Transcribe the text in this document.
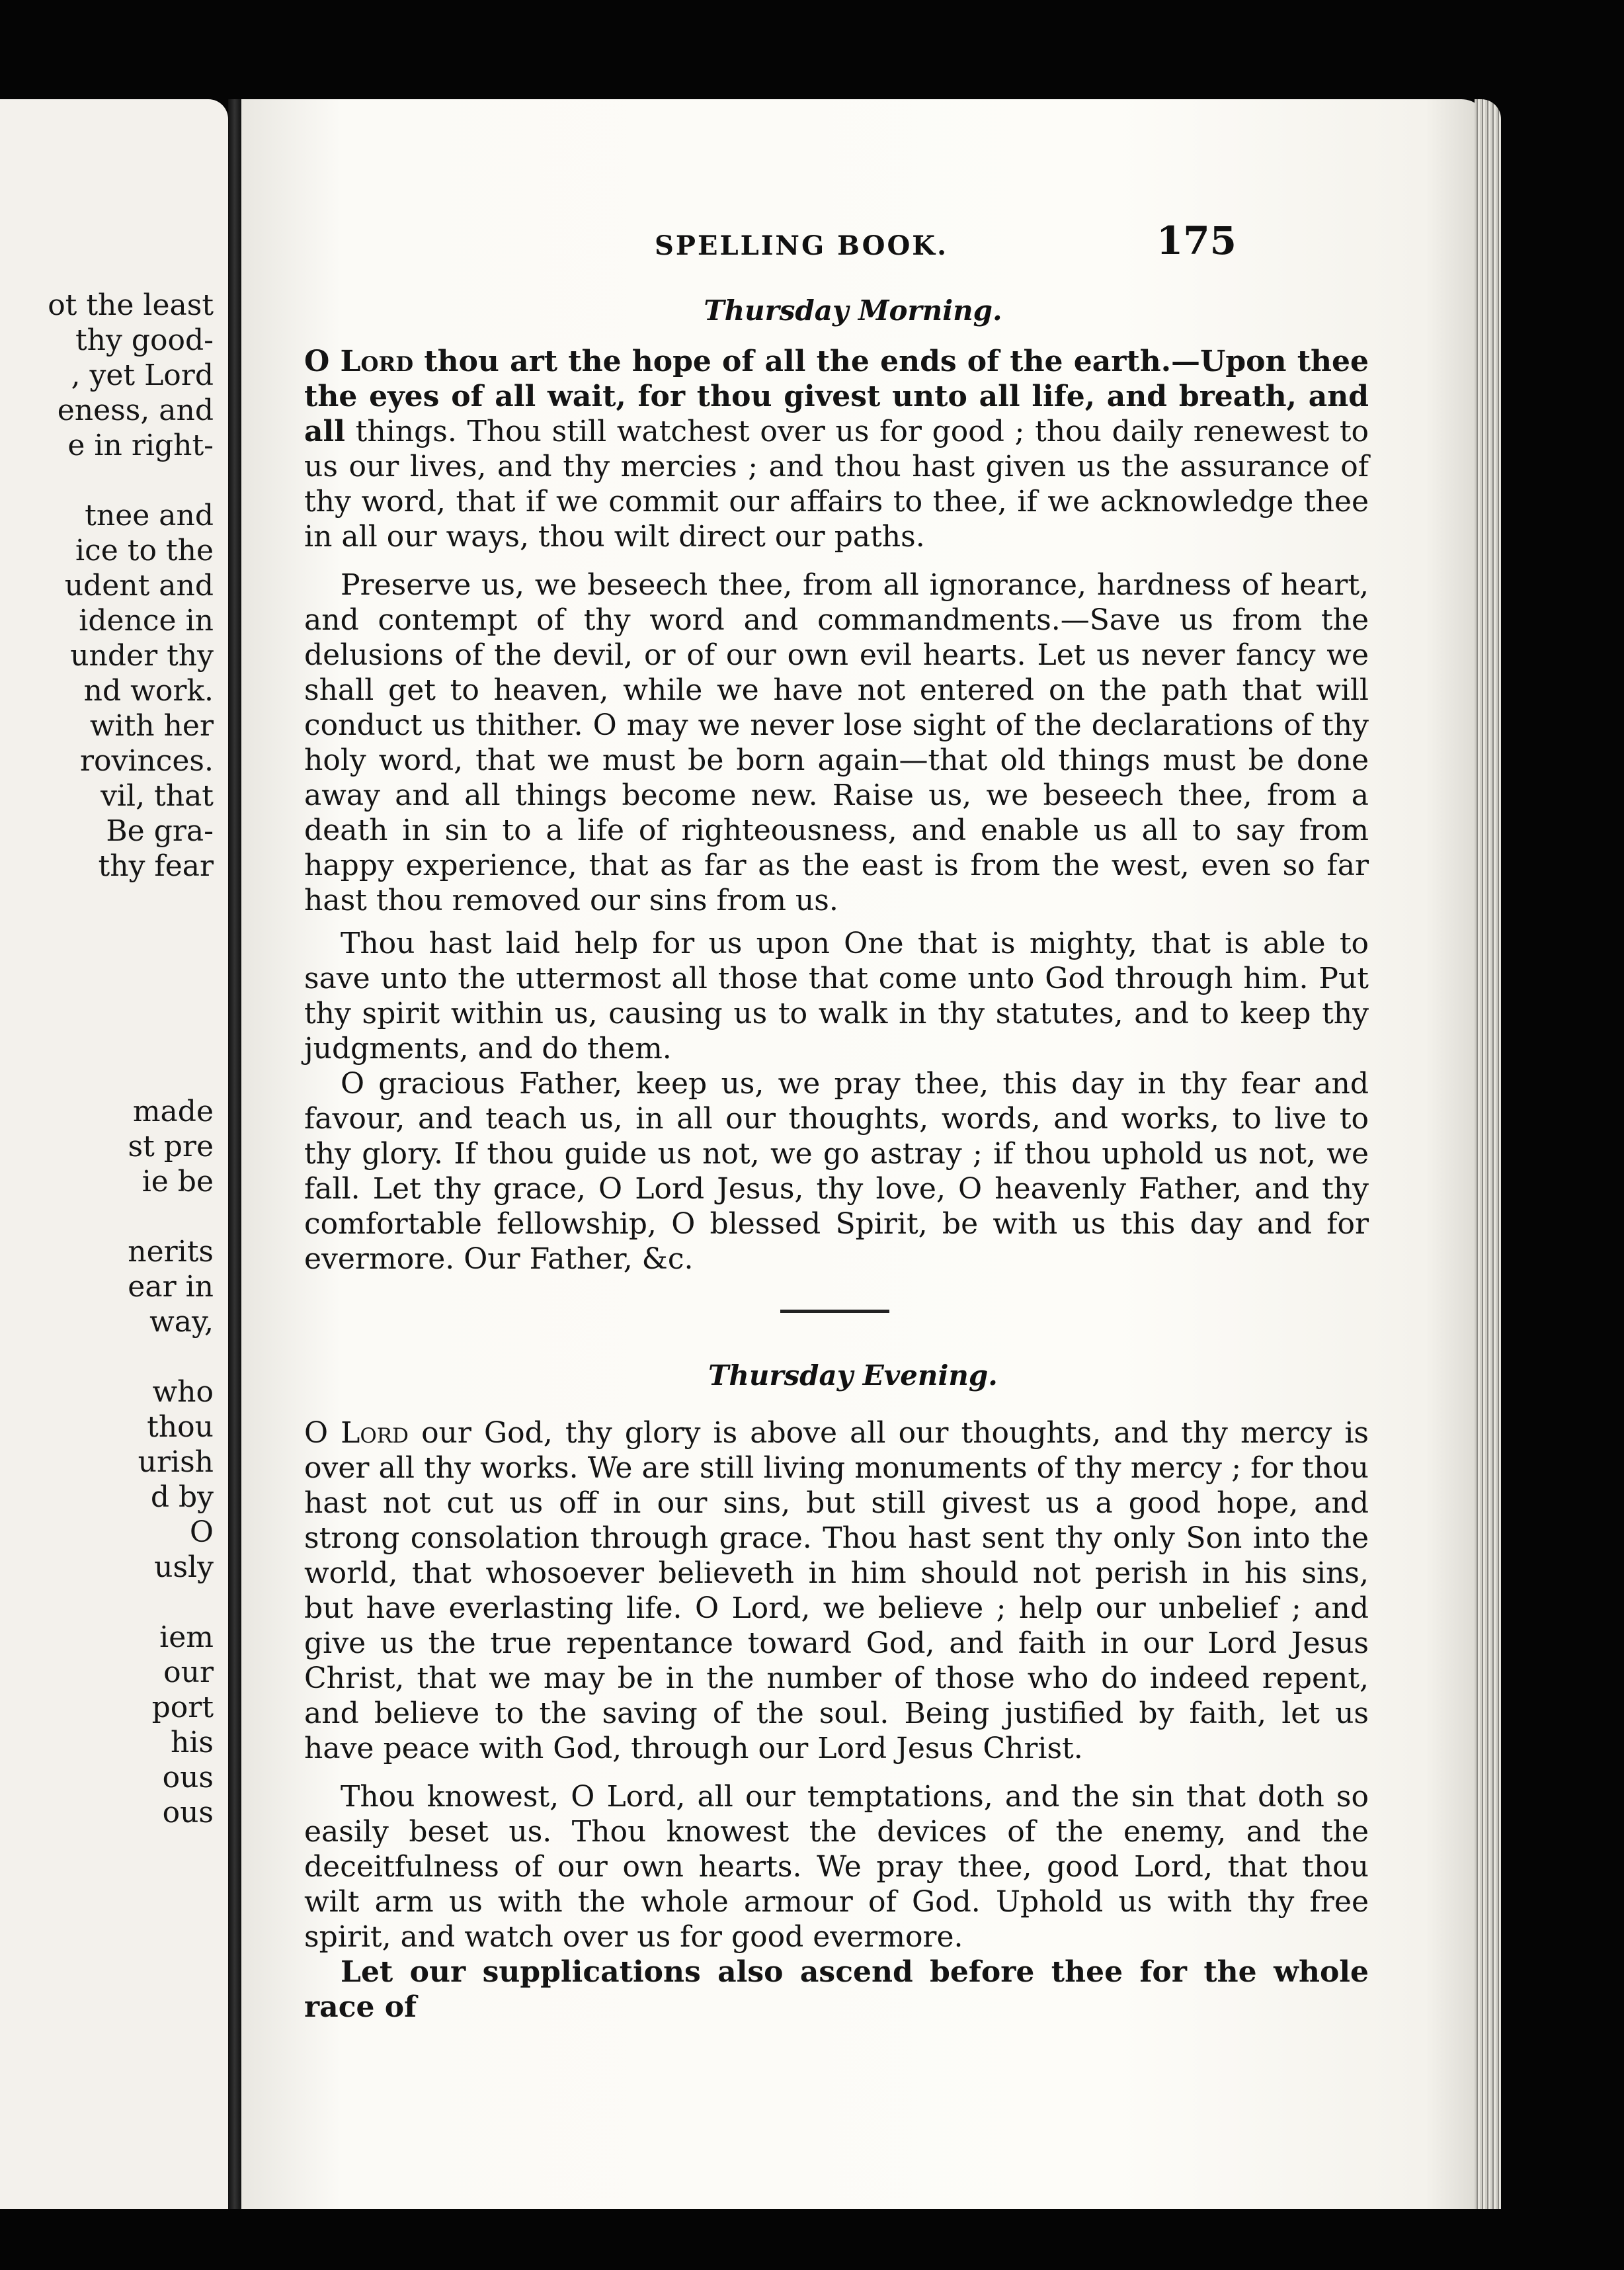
ot the least
thy good-
, yet Lord
eness, and
e in right-
tnee and
ice to the
udent and
idence in
under thy
nd work.
with her
rovinces.
vil, that
Be gra-
thy fear
made
st pre
ie be
nerits
ear in
way,
who
thou
urish
d by
O
usly
iem
our
port
his
ous
ous
SPELLING BOOK.	175
Thursday Morning.

O Lord thou art the hope of all the ends of the earth.—Upon thee the eyes of all wait, for thou givest unto all life, and breath, and all things. Thou still watchest over us for good ; thou daily renewest to us our lives, and thy mercies ; and thou hast given us the assurance of thy word, that if we commit our affairs to thee, if we acknowledge thee in all our ways, thou wilt direct our paths.

Preserve us, we beseech thee, from all ignorance, hardness of heart, and contempt of thy word and commandments.—Save us from the delusions of the devil, or of our own evil hearts. Let us never fancy we shall get to heaven, while we have not entered on the path that will conduct us thither. O may we never lose sight of the declarations of thy holy word, that we must be born again—that old things must be done away and all things become new. Raise us, we beseech thee, from a death in sin to a life of righteousness, and enable us all to say from happy experience, that as far as the east is from the west, even so far hast thou removed our sins from us.

Thou hast laid help for us upon One that is mighty, that is able to save unto the uttermost all those that come unto God through him. Put thy spirit within us, causing us to walk in thy statutes, and to keep thy judgments, and do them.

O gracious Father, keep us, we pray thee, this day in thy fear and favour, and teach us, in all our thoughts, words, and works, to live to thy glory. If thou guide us not, we go astray ; if thou uphold us not, we fall. Let thy grace, O Lord Jesus, thy love, O heavenly Father, and thy comfortable fellowship, O blessed Spirit, be with us this day and for evermore. Our Father, &c.

Thursday Evening.

O Lord our God, thy glory is above all our thoughts, and thy mercy is over all thy works. We are still living monuments of thy mercy ; for thou hast not cut us off in our sins, but still givest us a good hope, and strong consolation through grace. Thou hast sent thy only Son into the world, that whosoever believeth in him should not perish in his sins, but have everlasting life. O Lord, we believe ; help our unbelief ; and give us the true repentance toward God, and faith in our Lord Jesus Christ, that we may be in the number of those who do indeed repent, and believe to the saving of the soul. Being justified by faith, let us have peace with God, through our Lord Jesus Christ.

Thou knowest, O Lord, all our temptations, and the sin that doth so easily beset us. Thou knowest the devices of the enemy, and the deceitfulness of our own hearts. We pray thee, good Lord, that thou wilt arm us with the whole armour of God. Uphold us with thy free spirit, and watch over us for good evermore.

Let our supplications also ascend before thee for the whole race of
